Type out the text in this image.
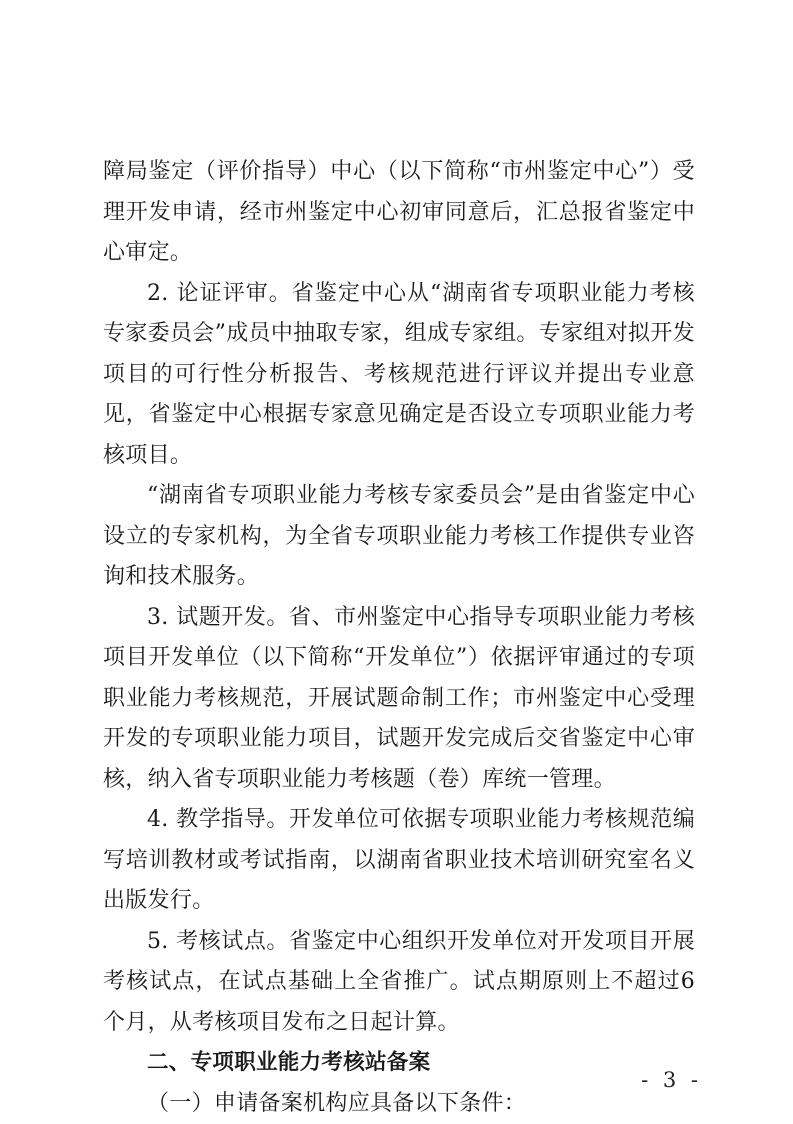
障局鉴定（评价指导）中心（以下简称“市州鉴定中心”）受理开发申请，经市州鉴定中心初审同意后，汇总报省鉴定中心审定。

2. 论证评审。省鉴定中心从“湖南省专项职业能力考核专家委员会”成员中抽取专家，组成专家组。专家组对拟开发项目的可行性分析报告、考核规范进行评议并提出专业意见，省鉴定中心根据专家意见确定是否设立专项职业能力考核项目。

“湖南省专项职业能力考核专家委员会”是由省鉴定中心设立的专家机构，为全省专项职业能力考核工作提供专业咨询和技术服务。

3. 试题开发。省、市州鉴定中心指导专项职业能力考核项目开发单位（以下简称“开发单位”）依据评审通过的专项职业能力考核规范，开展试题命制工作；市州鉴定中心受理开发的专项职业能力项目，试题开发完成后交省鉴定中心审核，纳入省专项职业能力考核题（卷）库统一管理。

4. 教学指导。开发单位可依据专项职业能力考核规范编写培训教材或考试指南，以湖南省职业技术培训研究室名义出版发行。

5. 考核试点。省鉴定中心组织开发单位对开发项目开展考核试点，在试点基础上全省推广。试点期原则上不超过6个月，从考核项目发布之日起计算。

二、专项职业能力考核站备案

（一）申请备案机构应具备以下条件：

- 3 -
